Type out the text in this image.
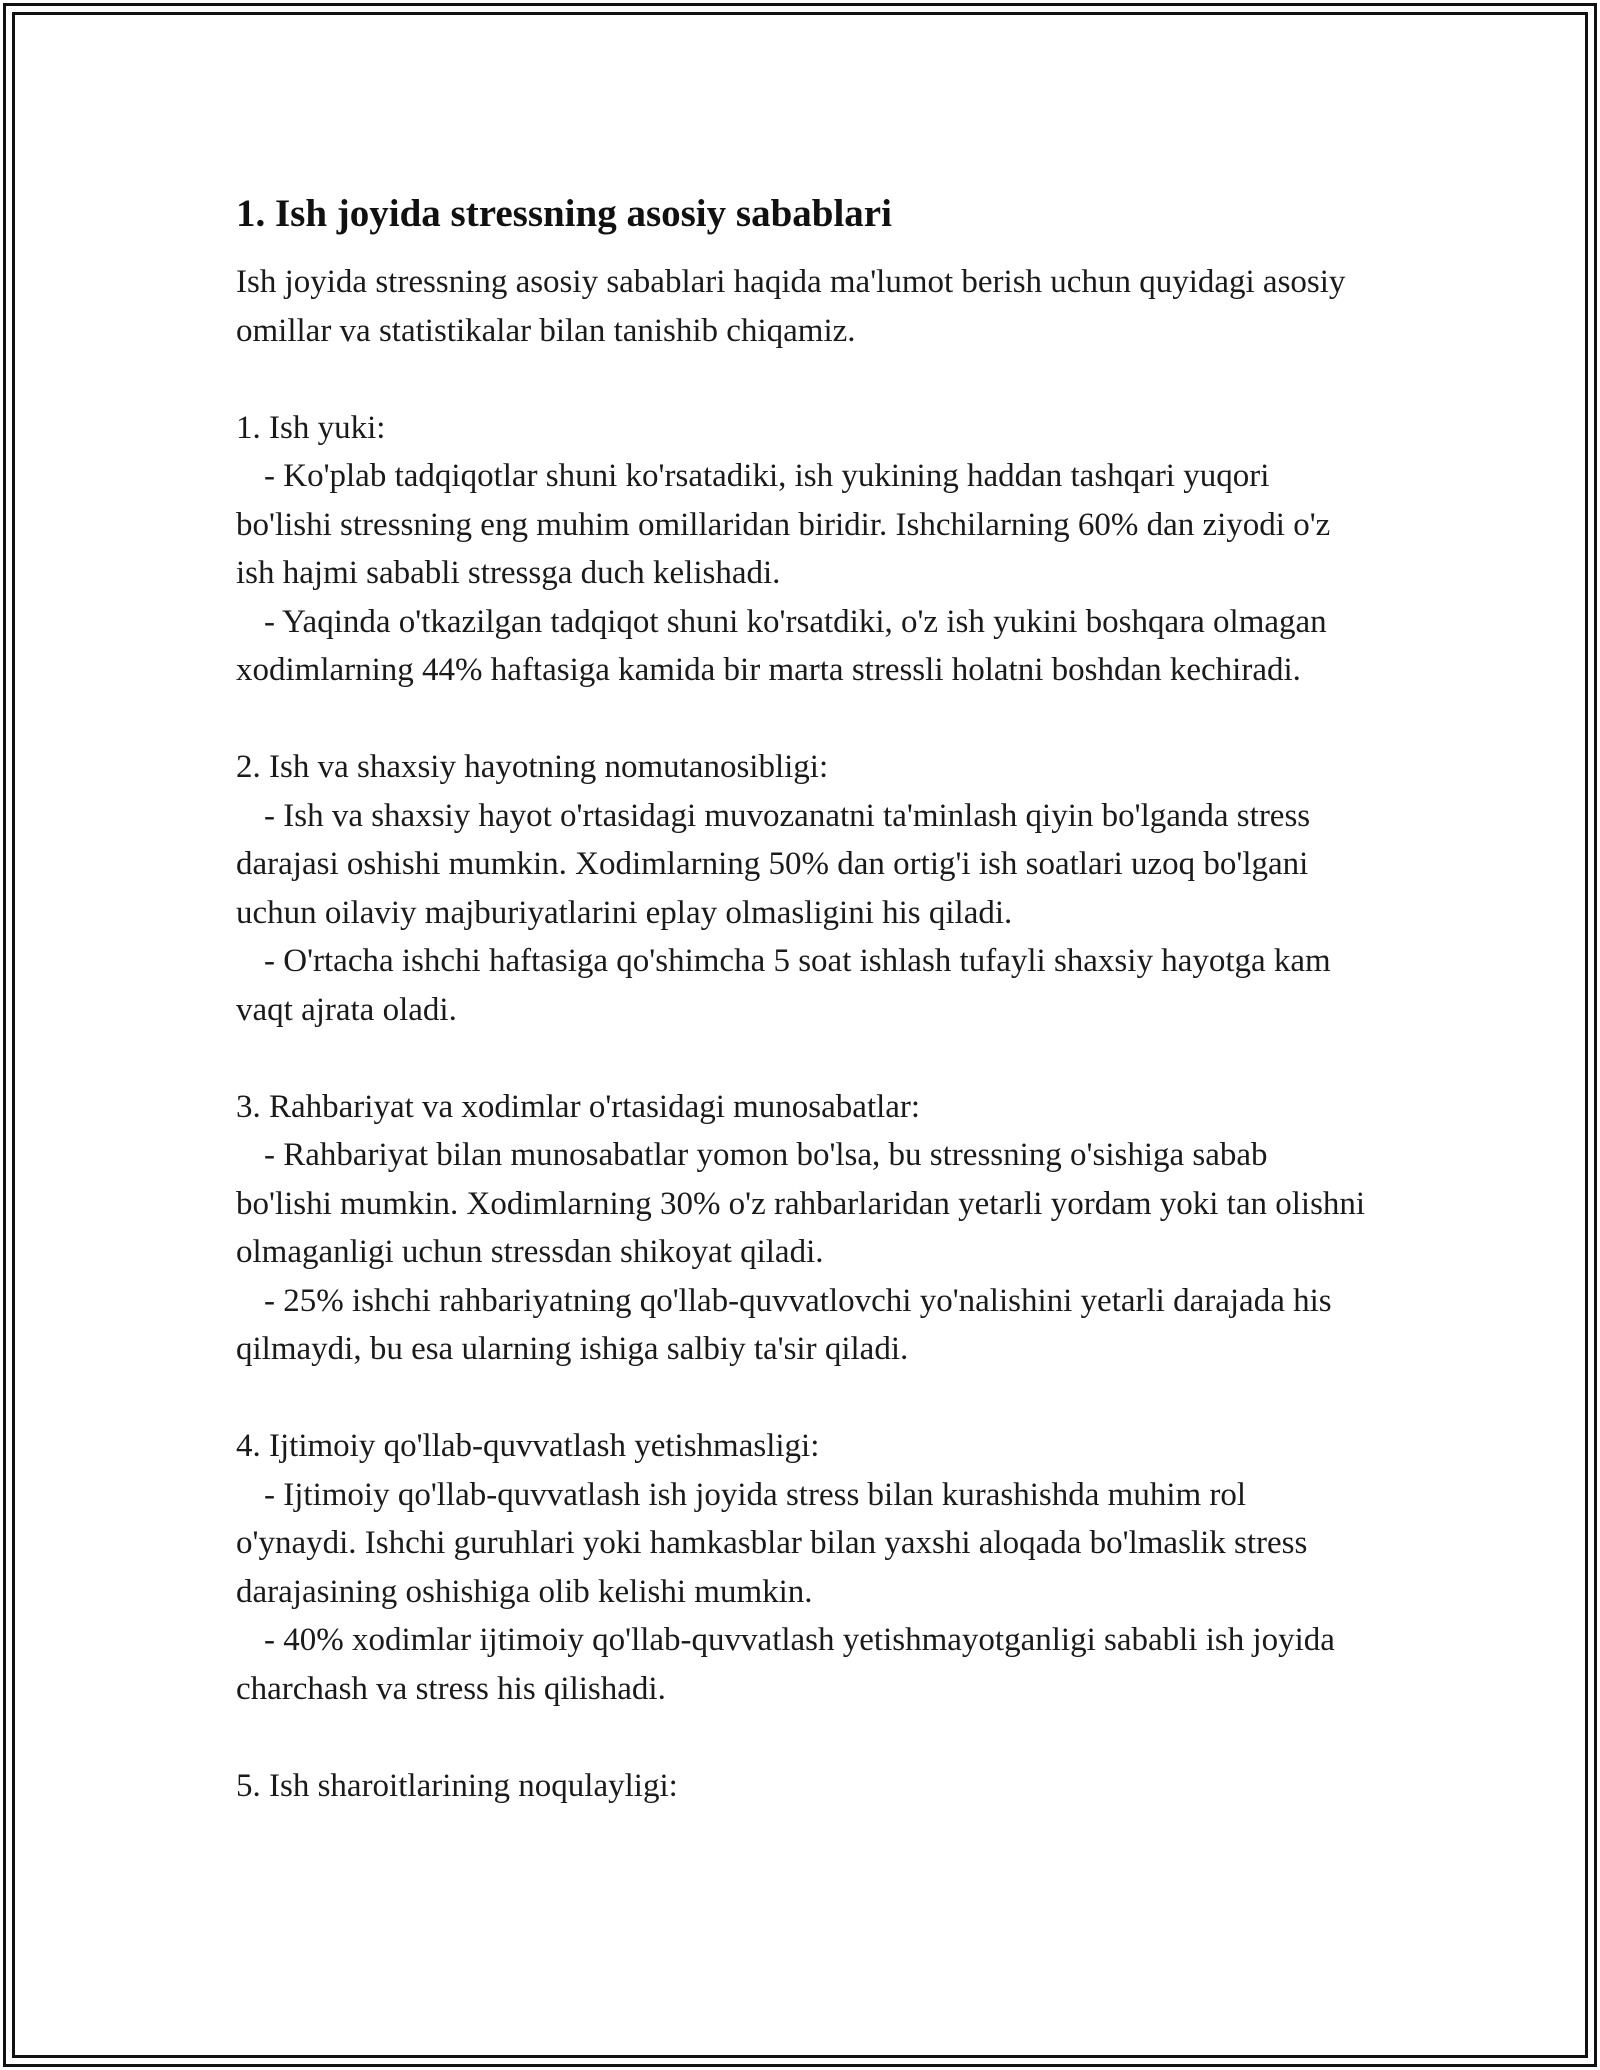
1. Ish joyida stressning asosiy sabablari

Ish joyida stressning asosiy sabablari haqida ma'lumot berish uchun quyidagi asosiy omillar va statistikalar bilan tanishib chiqamiz.

1. Ish yuki:

- Ko'plab tadqiqotlar shuni ko'rsatadiki, ish yukining haddan tashqari yuqori bo'lishi stressning eng muhim omillaridan biridir. Ishchilarning 60% dan ziyodi o'z ish hajmi sababli stressga duch kelishadi.

- Yaqinda o'tkazilgan tadqiqot shuni ko'rsatdiki, o'z ish yukini boshqara olmagan xodimlarning 44% haftasiga kamida bir marta stressli holatni boshdan kechiradi.

2. Ish va shaxsiy hayotning nomutanosibligi:

- Ish va shaxsiy hayot o'rtasidagi muvozanatni ta'minlash qiyin bo'lganda stress darajasi oshishi mumkin. Xodimlarning 50% dan ortig'i ish soatlari uzoq bo'lgani uchun oilaviy majburiyatlarini eplay olmasligini his qiladi.

- O'rtacha ishchi haftasiga qo'shimcha 5 soat ishlash tufayli shaxsiy hayotga kam vaqt ajrata oladi.

3. Rahbariyat va xodimlar o'rtasidagi munosabatlar:

- Rahbariyat bilan munosabatlar yomon bo'lsa, bu stressning o'sishiga sabab bo'lishi mumkin. Xodimlarning 30% o'z rahbarlaridan yetarli yordam yoki tan olishni olmaganligi uchun stressdan shikoyat qiladi.

- 25% ishchi rahbariyatning qo'llab-quvvatlovchi yo'nalishini yetarli darajada his qilmaydi, bu esa ularning ishiga salbiy ta'sir qiladi.

4. Ijtimoiy qo'llab-quvvatlash yetishmasligi:

- Ijtimoiy qo'llab-quvvatlash ish joyida stress bilan kurashishda muhim rol o'ynaydi. Ishchi guruhlari yoki hamkasblar bilan yaxshi aloqada bo'lmaslik stress darajasining oshishiga olib kelishi mumkin.

- 40% xodimlar ijtimoiy qo'llab-quvvatlash yetishmayotganligi sababli ish joyida charchash va stress his qilishadi.

5. Ish sharoitlarining noqulayligi:
